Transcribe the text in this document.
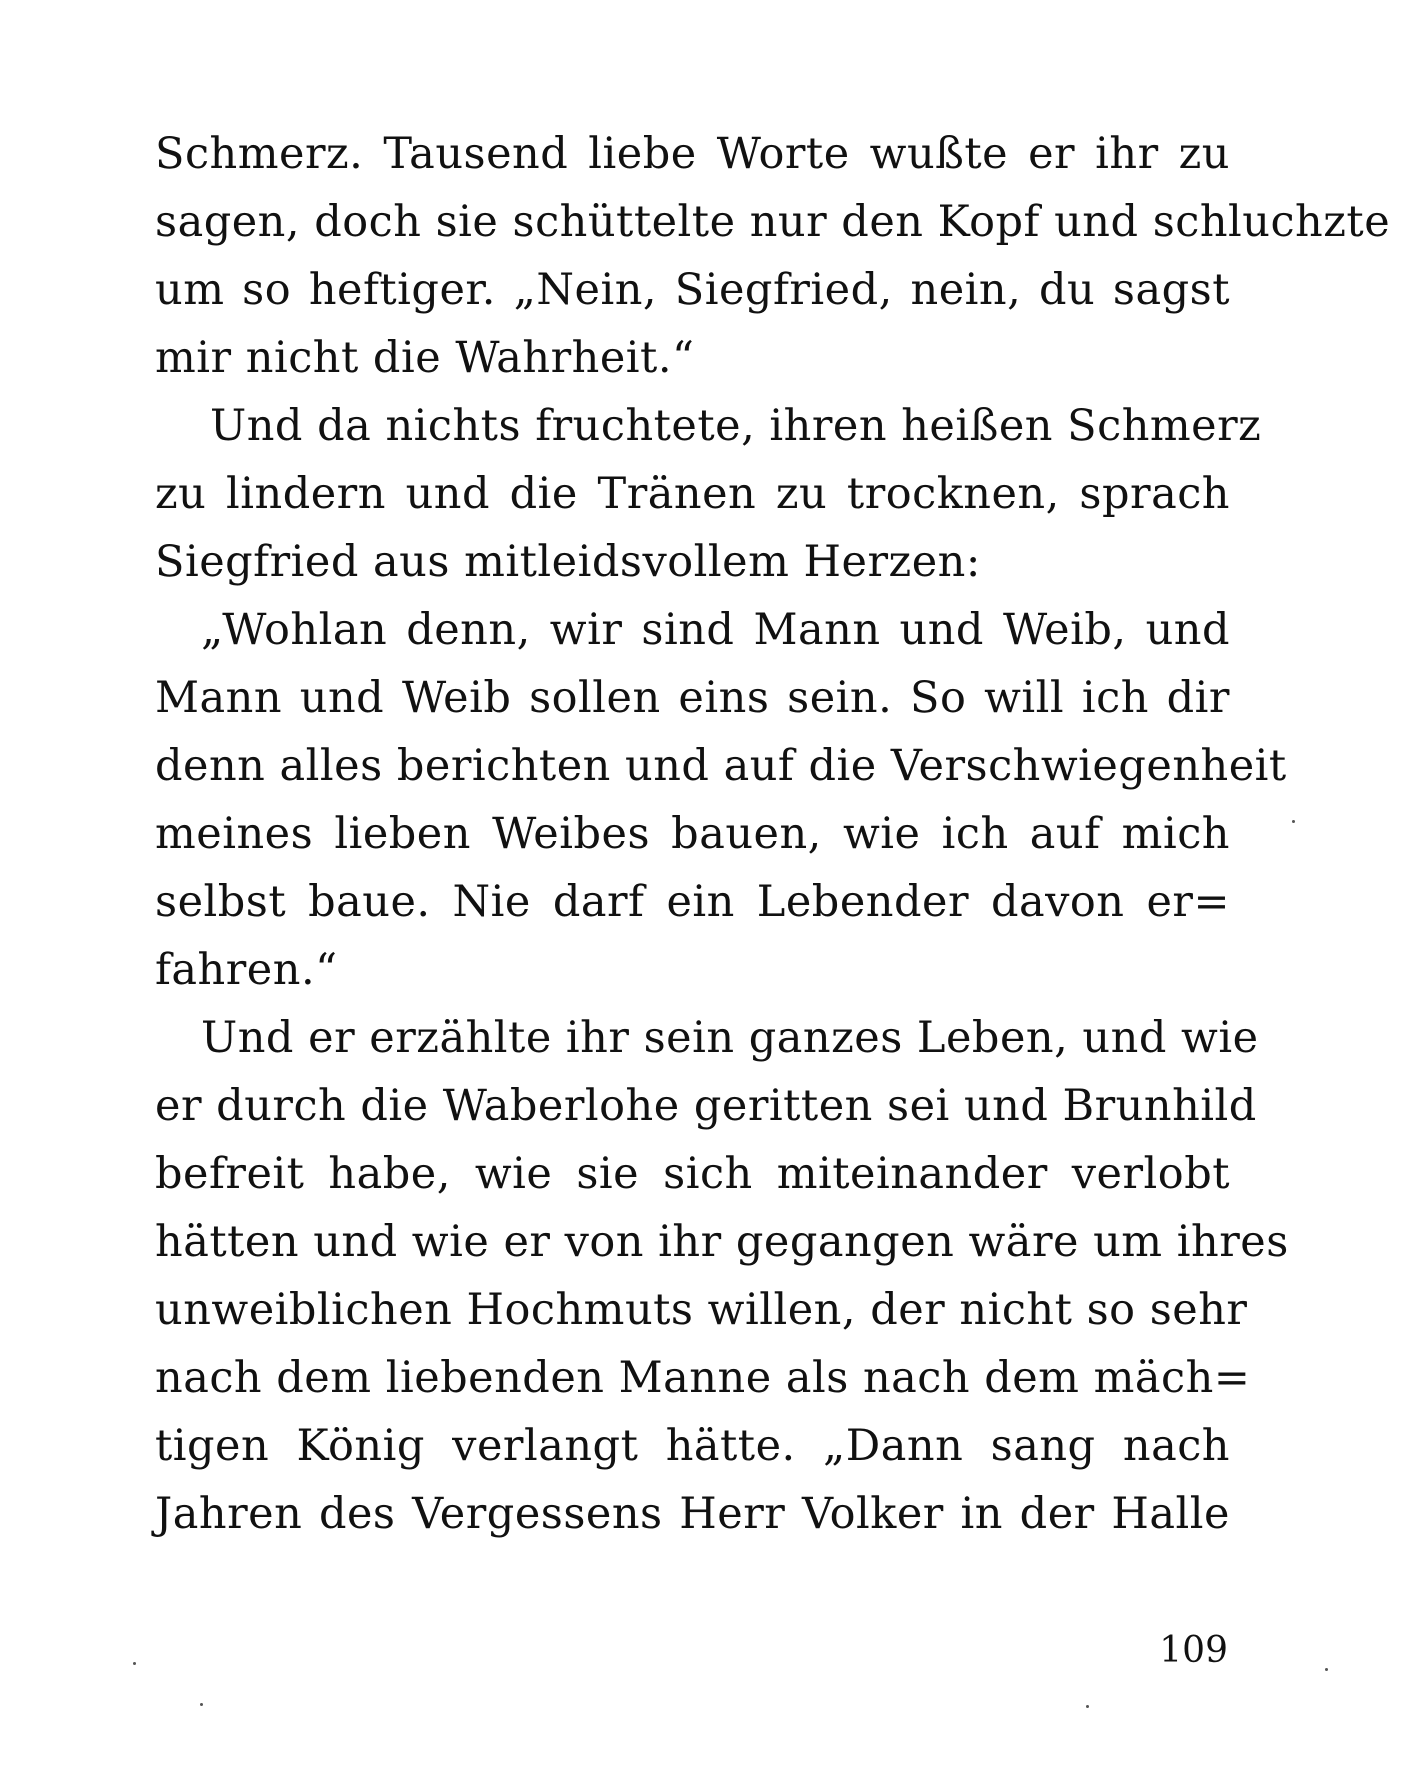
Schmerz. Tausend liebe Worte wußte er ihr zu
sagen, doch sie schüttelte nur den Kopf und schluchzte
um so heftiger. „Nein, Siegfried, nein, du sagst
mir nicht die Wahrheit.“
Und da nichts fruchtete, ihren heißen Schmerz
zu lindern und die Tränen zu trocknen, sprach
Siegfried aus mitleidsvollem Herzen:
„Wohlan denn, wir sind Mann und Weib, und
Mann und Weib sollen eins sein. So will ich dir
denn alles berichten und auf die Verschwiegenheit
meines lieben Weibes bauen, wie ich auf mich
selbst baue. Nie darf ein Lebender davon er=
fahren.“
Und er erzählte ihr sein ganzes Leben, und wie
er durch die Waberlohe geritten sei und Brunhild
befreit habe, wie sie sich miteinander verlobt
hätten und wie er von ihr gegangen wäre um ihres
unweiblichen Hochmuts willen, der nicht so sehr
nach dem liebenden Manne als nach dem mäch=
tigen König verlangt hätte. „Dann sang nach
Jahren des Vergessens Herr Volker in der Halle
109
